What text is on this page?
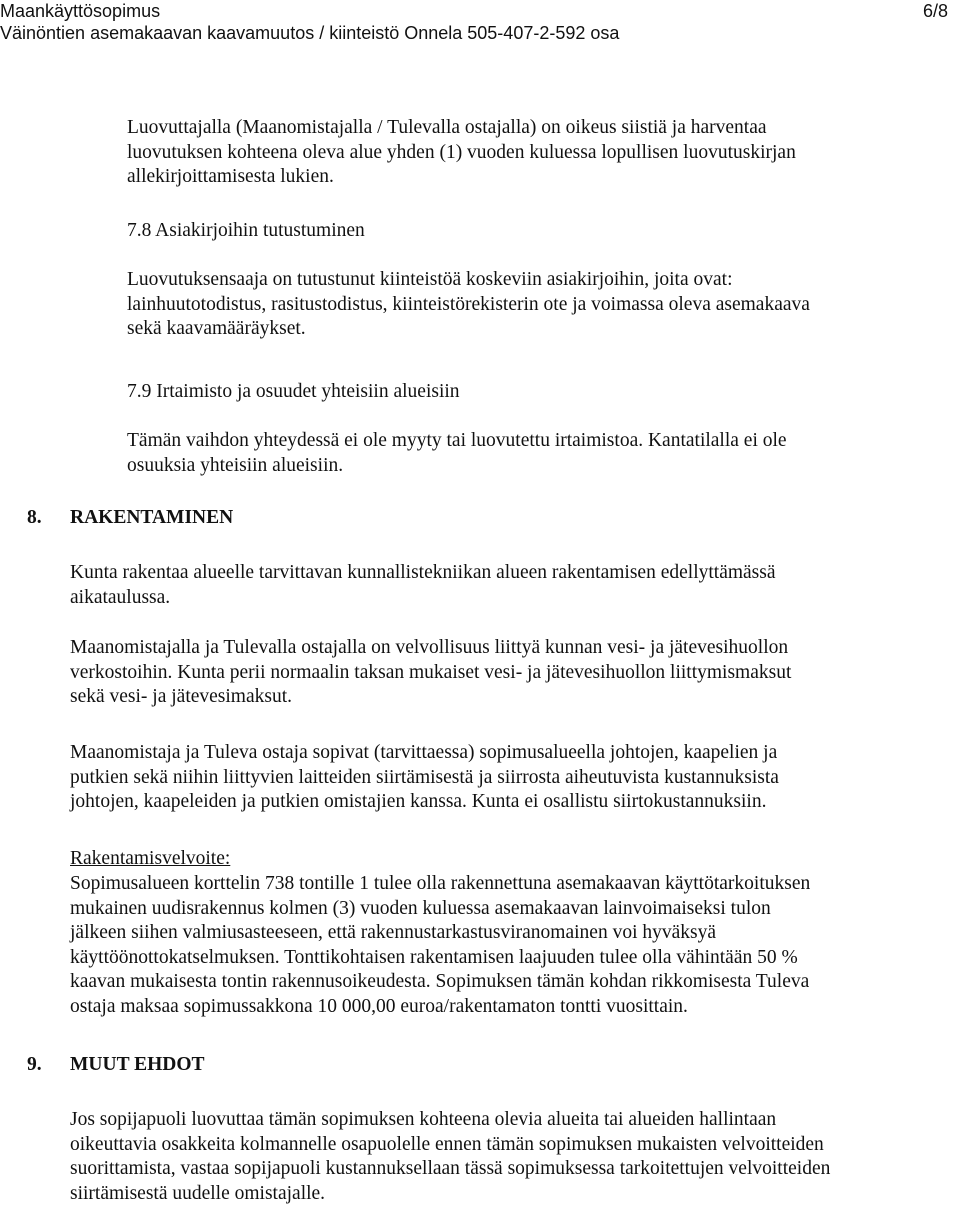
Maankäyttösopimus	6/8
Väinöntien asemakaavan kaavamuutos / kiinteistö Onnela 505-407-2-592 osa
Luovuttajalla (Maanomistajalla / Tulevalla ostajalla) on oikeus siistiä ja harventaa
luovutuksen kohteena oleva alue yhden (1) vuoden kuluessa lopullisen luovutuskirjan
allekirjoittamisesta lukien.
7.8 Asiakirjoihin tutustuminen
Luovutuksensaaja on tutustunut kiinteistöä koskeviin asiakirjoihin, joita ovat:
lainhuutotodistus, rasitustodistus, kiinteistörekisterin ote ja voimassa oleva asemakaava
sekä kaavamääräykset.
7.9 Irtaimisto ja osuudet yhteisiin alueisiin
Tämän vaihdon yhteydessä ei ole myyty tai luovutettu irtaimistoa. Kantatilalla ei ole
osuuksia yhteisiin alueisiin.
8. RAKENTAMINEN
Kunta rakentaa alueelle tarvittavan kunnallistekniikan alueen rakentamisen edellyttämässä
aikataulussa.
Maanomistajalla ja Tulevalla ostajalla on velvollisuus liittyä kunnan vesi- ja jätevesihuollon
verkostoihin. Kunta perii normaalin taksan mukaiset vesi- ja jätevesihuollon liittymismaksut
sekä vesi- ja jätevesimaksut.
Maanomistaja ja Tuleva ostaja sopivat (tarvittaessa) sopimusalueella johtojen, kaapelien ja
putkien sekä niihin liittyvien laitteiden siirtämisestä ja siirrosta aiheutuvista kustannuksista
johtojen, kaapeleiden ja putkien omistajien kanssa. Kunta ei osallistu siirtokustannuksiin.
Rakentamisvelvoite:
Sopimusalueen korttelin 738 tontille 1 tulee olla rakennettuna asemakaavan käyttötarkoituksen
mukainen uudisrakennus kolmen (3) vuoden kuluessa asemakaavan lainvoimaiseksi tulon
jälkeen siihen valmiusasteeseen, että rakennustarkastusviranomainen voi hyväksyä
käyttöönottokatselmuksen. Tonttikohtaisen rakentamisen laajuuden tulee olla vähintään 50 %
kaavan mukaisesta tontin rakennusoikeudesta. Sopimuksen tämän kohdan rikkomisesta Tuleva
ostaja maksaa sopimussakkona 10 000,00 euroa/rakentamaton tontti vuosittain.
9. MUUT EHDOT
Jos sopijapuoli luovuttaa tämän sopimuksen kohteena olevia alueita tai alueiden hallintaan
oikeuttavia osakkeita kolmannelle osapuolelle ennen tämän sopimuksen mukaisten velvoitteiden
suorittamista, vastaa sopijapuoli kustannuksellaan tässä sopimuksessa tarkoitettujen velvoitteiden
siirtämisestä uudelle omistajalle.
